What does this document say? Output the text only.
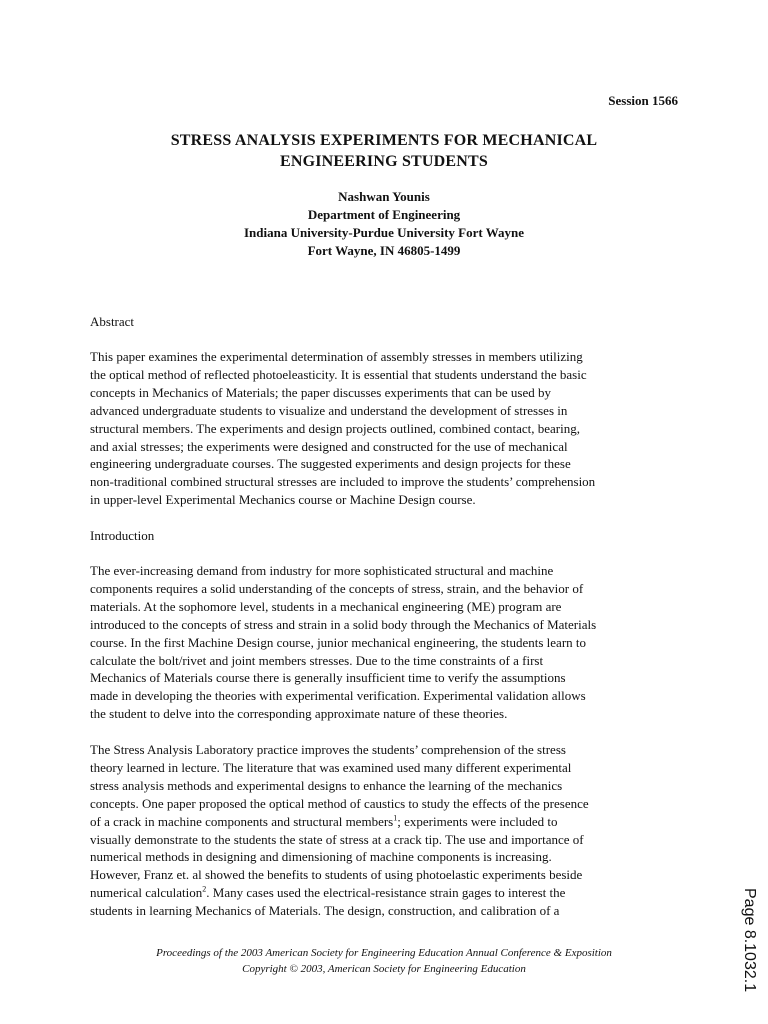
Session 1566
STRESS ANALYSIS EXPERIMENTS FOR MECHANICAL
ENGINEERING STUDENTS
Nashwan Younis
Department of Engineering
Indiana University-Purdue University Fort Wayne
Fort Wayne, IN 46805-1499
Abstract
This paper examines the experimental determination of assembly stresses in members utilizing
the optical method of reflected photoeleasticity. It is essential that students understand the basic
concepts in Mechanics of Materials; the paper discusses experiments that can be used by
advanced undergraduate students to visualize and understand the development of stresses in
structural members. The experiments and design projects outlined, combined contact, bearing,
and axial stresses; the experiments were designed and constructed for the use of mechanical
engineering undergraduate courses. The suggested experiments and design projects for these
non-traditional combined structural stresses are included to improve the students’ comprehension
in upper-level Experimental Mechanics course or Machine Design course.
Introduction
The ever-increasing demand from industry for more sophisticated structural and machine
components requires a solid understanding of the concepts of stress, strain, and the behavior of
materials. At the sophomore level, students in a mechanical engineering (ME) program are
introduced to the concepts of stress and strain in a solid body through the Mechanics of Materials
course. In the first Machine Design course, junior mechanical engineering, the students learn to
calculate the bolt/rivet and joint members stresses. Due to the time constraints of a first
Mechanics of Materials course there is generally insufficient time to verify the assumptions
made in developing the theories with experimental verification. Experimental validation allows
the student to delve into the corresponding approximate nature of these theories.
The Stress Analysis Laboratory practice improves the students’ comprehension of the stress
theory learned in lecture. The literature that was examined used many different experimental
stress analysis methods and experimental designs to enhance the learning of the mechanics
concepts. One paper proposed the optical method of caustics to study the effects of the presence
of a crack in machine components and structural members$^1$; experiments were included to
visually demonstrate to the students the state of stress at a crack tip. The use and importance of
numerical methods in designing and dimensioning of machine components is increasing.
However, Franz et. al showed the benefits to students of using photoelastic experiments beside
numerical calculation$^2$. Many cases used the electrical-resistance strain gages to interest the
students in learning Mechanics of Materials. The design, construction, and calibration of a
Proceedings of the 2003 American Society for Engineering Education Annual Conference & Exposition
Copyright © 2003, American Society for Engineering Education	Page 8.1032.1
